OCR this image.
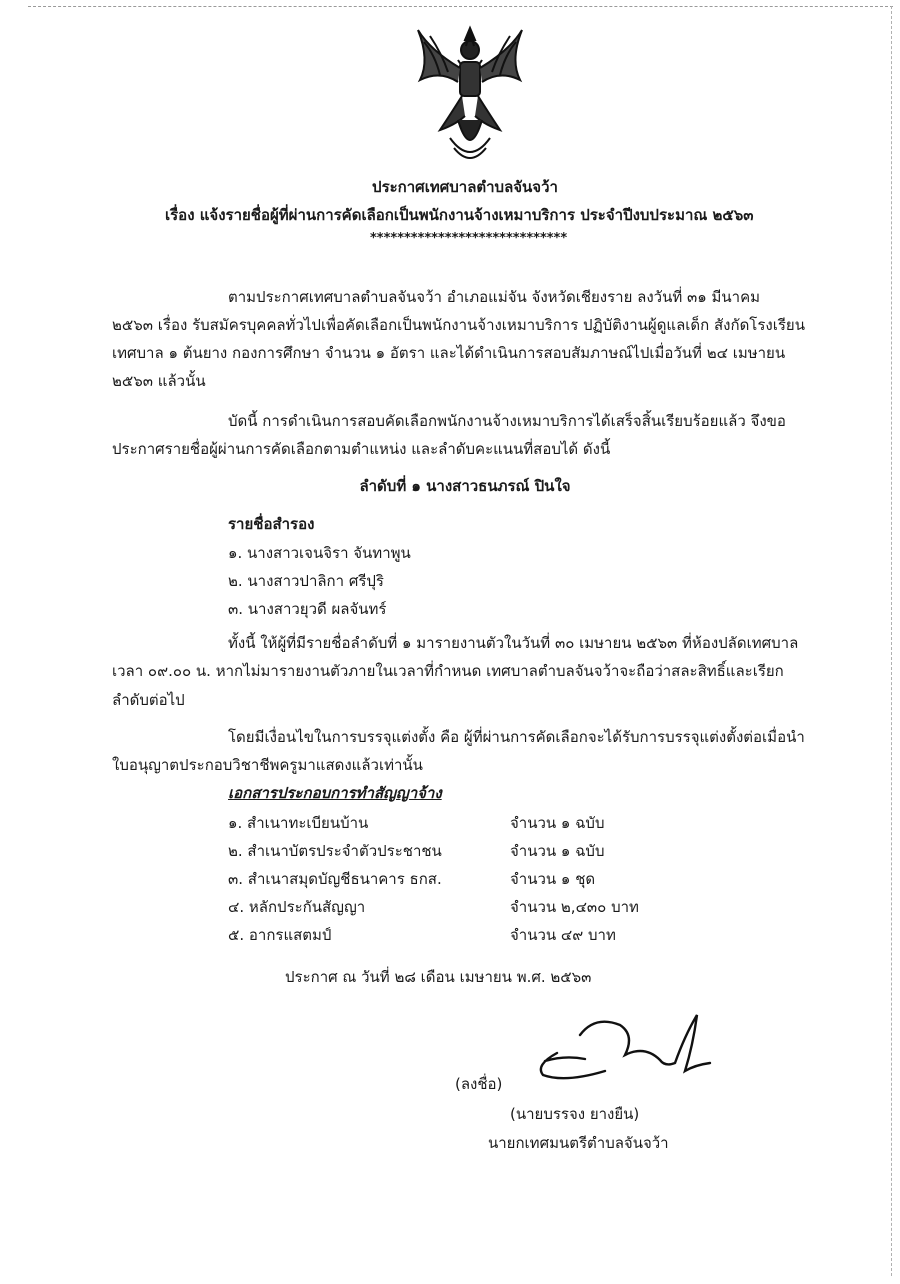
ประกาศเทศบาลตำบลจันจว้า
เรื่อง แจ้งรายชื่อผู้ที่ผ่านการคัดเลือกเป็นพนักงานจ้างเหมาบริการ ประจำปีงบประมาณ ๒๕๖๓
*****************************
ตามประกาศเทศบาลตำบลจันจว้า อำเภอแม่จัน จังหวัดเชียงราย ลงวันที่ ๓๑ มีนาคม
๒๕๖๓ เรื่อง รับสมัครบุคคลทั่วไปเพื่อคัดเลือกเป็นพนักงานจ้างเหมาบริการ ปฏิบัติงานผู้ดูแลเด็ก สังกัดโรงเรียน
เทศบาล ๑ ต้นยาง กองการศึกษา จำนวน ๑ อัตรา และได้ดำเนินการสอบสัมภาษณ์ไปเมื่อวันที่ ๒๔ เมษายน
๒๕๖๓ แล้วนั้น
บัดนี้ การดำเนินการสอบคัดเลือกพนักงานจ้างเหมาบริการได้เสร็จสิ้นเรียบร้อยแล้ว จึงขอ
ประกาศรายชื่อผู้ผ่านการคัดเลือกตามตำแหน่ง และลำดับคะแนนที่สอบได้ ดังนี้
ลำดับที่ ๑ นางสาวธนภรณ์ ปินใจ
รายชื่อสำรอง
๑. นางสาวเจนจิรา จันทาพูน
๒. นางสาวปาลิกา ศรีปุริ
๓. นางสาวยุวดี ผลจันทร์
ทั้งนี้ ให้ผู้ที่มีรายชื่อลำดับที่ ๑ มารายงานตัวในวันที่ ๓๐ เมษายน ๒๕๖๓ ที่ห้องปลัดเทศบาล
เวลา ๐๙.๐๐ น. หากไม่มารายงานตัวภายในเวลาที่กำหนด เทศบาลตำบลจันจว้าจะถือว่าสละสิทธิ์และเรียก
ลำดับต่อไป
โดยมีเงื่อนไขในการบรรจุแต่งตั้ง คือ ผู้ที่ผ่านการคัดเลือกจะได้รับการบรรจุแต่งตั้งต่อเมื่อนำ
ใบอนุญาตประกอบวิชาชีพครูมาแสดงแล้วเท่านั้น
เอกสารประกอบการทำสัญญาจ้าง
๑. สำเนาทะเบียนบ้าน	จำนวน ๑ ฉบับ
๒. สำเนาบัตรประจำตัวประชาชน	จำนวน ๑ ฉบับ
๓. สำเนาสมุดบัญชีธนาคาร ธกส.	จำนวน ๑ ชุด
๔. หลักประกันสัญญา	จำนวน ๒,๔๓๐ บาท
๕. อากรแสตมป์	จำนวน ๔๙ บาท
ประกาศ ณ วันที่ ๒๘ เดือน เมษายน พ.ศ. ๒๕๖๓
(ลงชื่อ)
(นายบรรจง ยางยืน)
นายกเทศมนตรีตำบลจันจว้า
